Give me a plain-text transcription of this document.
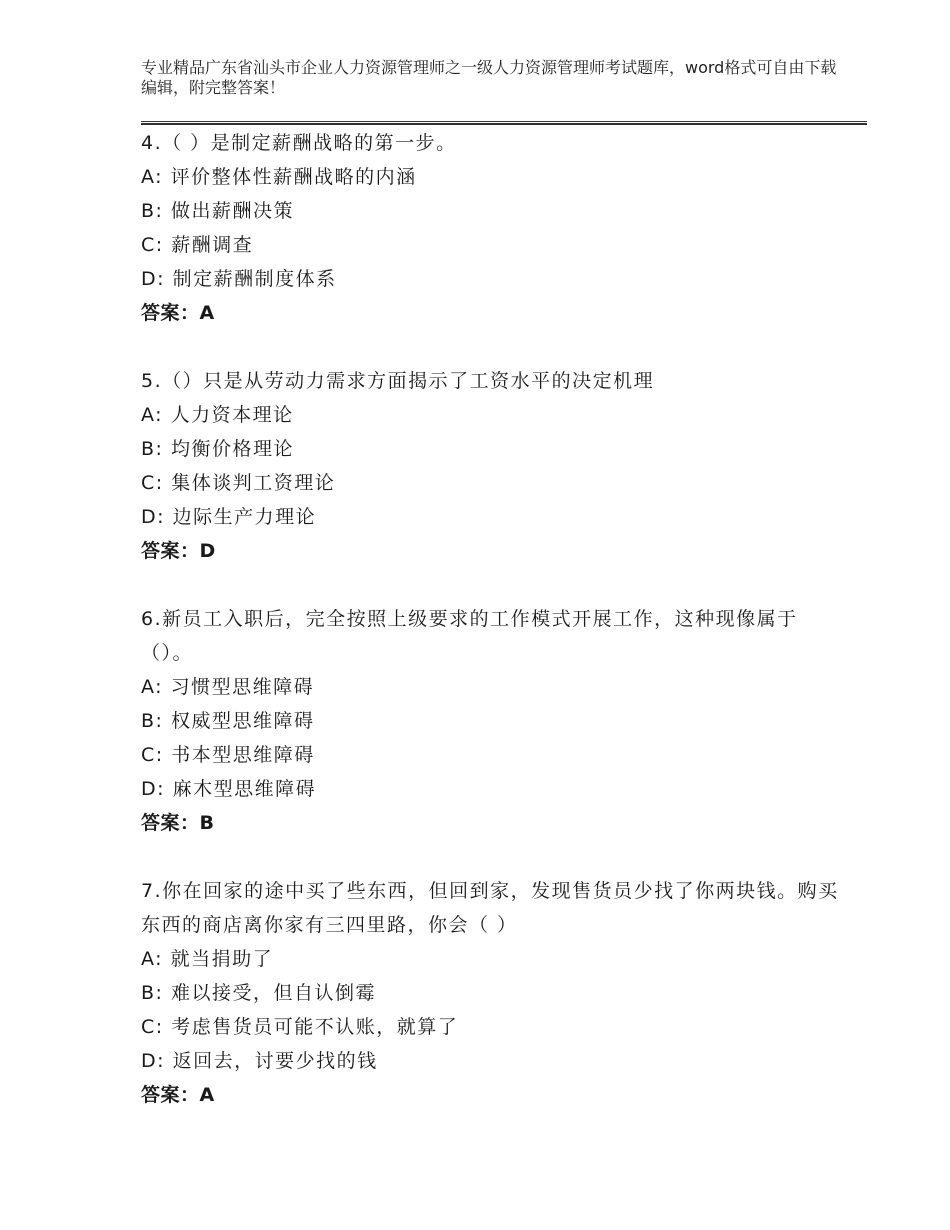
专业精品广东省汕头市企业人力资源管理师之一级人力资源管理师考试题库，word格式可自由下载编辑，附完整答案！

4.（ ）是制定薪酬战略的第一步。

A: 评价整体性薪酬战略的内涵

B: 做出薪酬决策

C: 薪酬调查

D: 制定薪酬制度体系

答案：A

5.（）只是从劳动力需求方面揭示了工资水平的决定机理

A: 人力资本理论

B: 均衡价格理论

C: 集体谈判工资理论

D: 边际生产力理论

答案：D

6.新员工入职后，完全按照上级要求的工作模式开展工作，这种现像属于（）。

A: 习惯型思维障碍

B: 权威型思维障碍

C: 书本型思维障碍

D: 麻木型思维障碍

答案：B

7.你在回家的途中买了些东西，但回到家，发现售货员少找了你两块钱。购买东西的商店离你家有三四里路，你会（ ）

A: 就当捐助了

B: 难以接受，但自认倒霉

C: 考虑售货员可能不认账，就算了

D: 返回去，讨要少找的钱

答案：A
